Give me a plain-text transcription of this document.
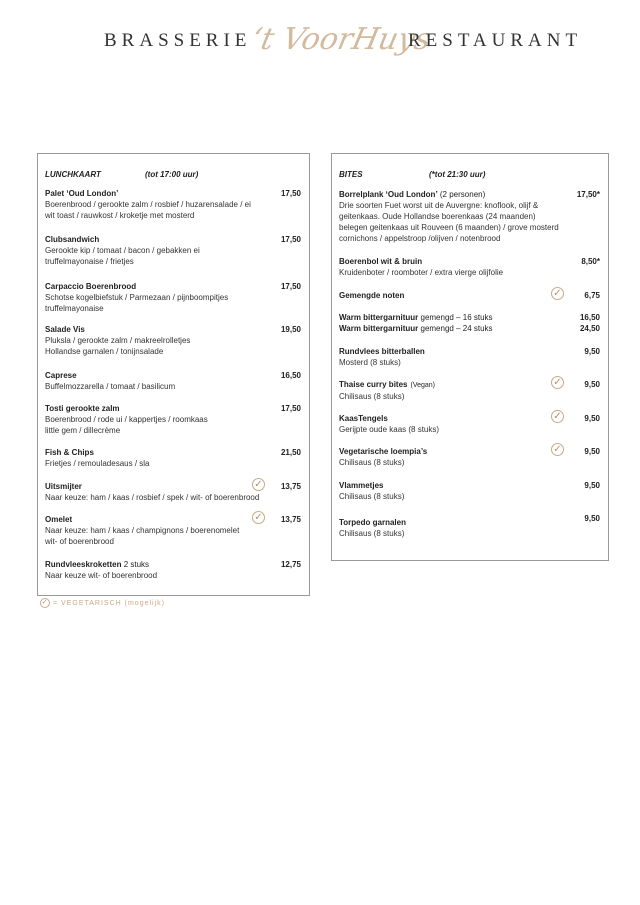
BRASSERIE
‘t VoorHuys
RESTAURANT
LUNCHKAART	(tot 17:00 uur)
Palet ‘Oud London’
Boerenbrood / gerookte zalm / rosbief / huzarensalade / ei
wit toast / rauwkost / kroketje met mosterd
17,50
Clubsandwich
Gerookte kip / tomaat / bacon / gebakken ei
truffelmayonaise / frietjes
17,50
Carpaccio Boerenbrood
Schotse kogelbiefstuk / Parmezaan / pijnboompitjes
truffelmayonaise
17,50
Salade Vis
Pluksla / gerookte zalm / makreelrolletjes
Hollandse garnalen / tonijnsalade
19,50
Caprese
Buffelmozzarella / tomaat / basilicum
16,50
Tosti gerookte zalm
Boerenbrood / rode ui / kappertjes / roomkaas
little gem / dillecrème
17,50
Fish & Chips
Frietjes / remouladesaus / sla
21,50
Uitsmijter
Naar keuze: ham / kaas / rosbief / spek / wit- of boerenbrood
✓ 13,75
Omelet
Naar keuze: ham / kaas / champignons / boerenomelet
wit- of boerenbrood
✓ 13,75
Rundvleeskroketten 2 stuks
Naar keuze wit- of boerenbrood
12,75
BITES	(*tot 21:30 uur)
Borrelplank ‘Oud London’ (2 personen)
Drie soorten Fuet worst uit de Auvergne: knoflook, olijf &
geitenkaas. Oude Hollandse boerenkaas (24 maanden)
belegen geitenkaas uit Rouveen (6 maanden) / grove mosterd
cornichons / appelstroop /olijven / notenbrood
17,50*
Boerenbol wit & bruin
Kruidenboter / roomboter / extra vierge olijfolie
8,50*
Gemengde noten	✓	6,75
Warm bittergarnituur gemengd – 16 stuks	16,50
Warm bittergarnituur gemengd – 24 stuks	24,50
Rundvlees bitterballen
Mosterd (8 stuks)
9,50
Thaise curry bites (Vegan)
Chilisaus (8 stuks)
✓	9,50
KaasTengels
Gerijpte oude kaas (8 stuks)
✓	9,50
Vegetarische loempia’s
Chilisaus (8 stuks)
✓	9,50
Vlammetjes
Chilisaus (8 stuks)
9,50
Torpedo garnalen
Chilisaus (8 stuks)
9,50
✓ = VEGETARISCH (mogelijk)
